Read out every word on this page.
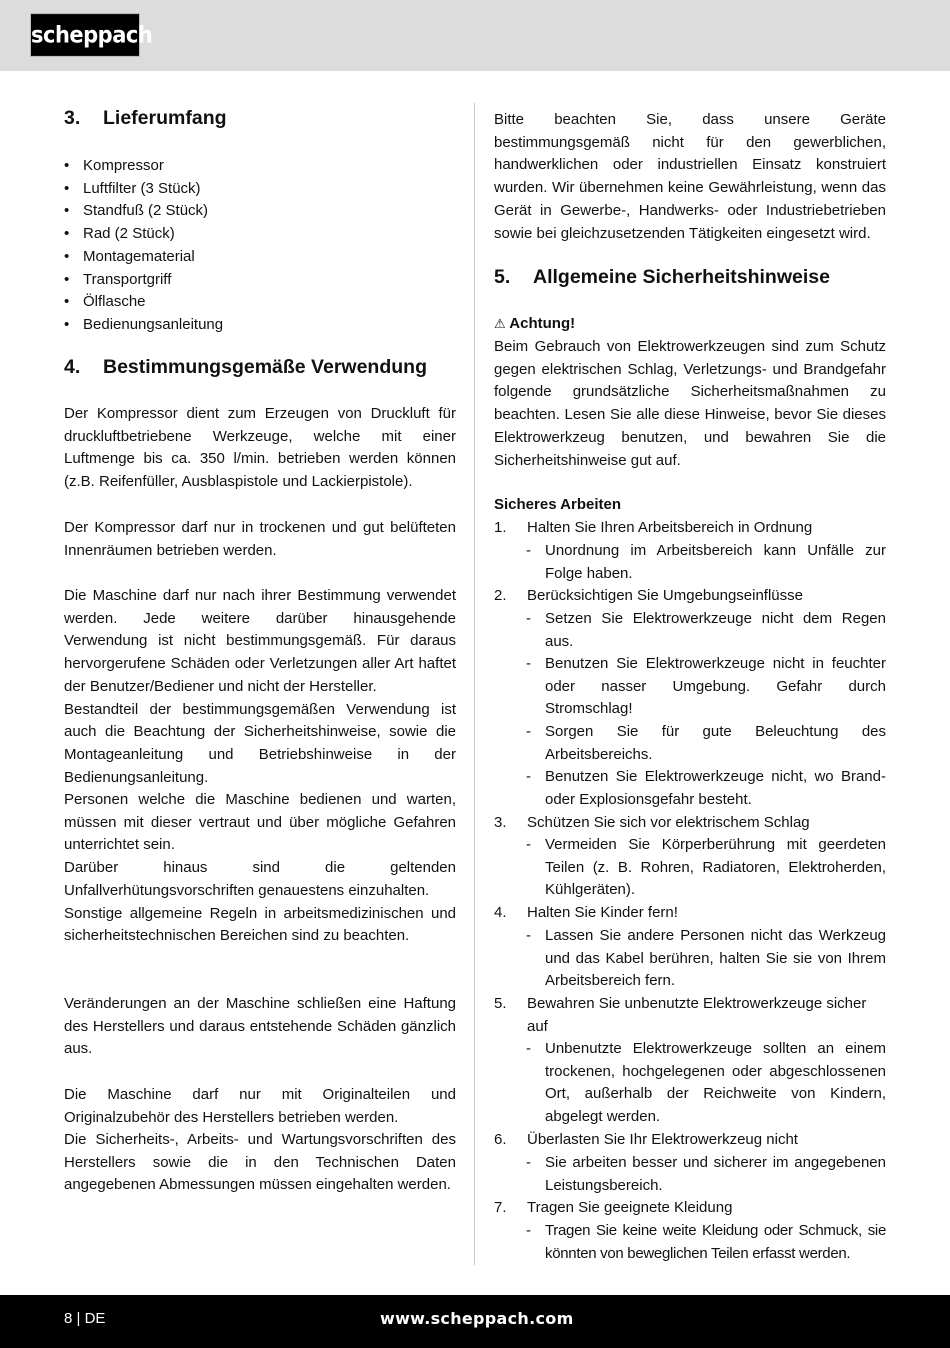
scheppach
3. Lieferumfang
• Kompressor
• Luftfilter (3 Stück)
• Standfuß (2 Stück)
• Rad (2 Stück)
• Montagematerial
• Transportgriff
• Ölflasche
• Bedienungsanleitung
4. Bestimmungsgemäße Verwendung
Der Kompressor dient zum Erzeugen von Druckluft für druckluftbetriebene Werkzeuge, welche mit einer Luftmenge bis ca. 350 l/min. betrieben werden können (z.B. Reifenfüller, Ausblaspistole und Lackierpistole).
Der Kompressor darf nur in trockenen und gut belüfteten Innenräumen betrieben werden.
Die Maschine darf nur nach ihrer Bestimmung verwendet werden. Jede weitere darüber hinausgehende Verwendung ist nicht bestimmungsgemäß. Für daraus hervorgerufene Schäden oder Verletzungen aller Art haftet der Benutzer/Bediener und nicht der Hersteller.
Bestandteil der bestimmungsgemäßen Verwendung ist auch die Beachtung der Sicherheitshinweise, sowie die Montageanleitung und Betriebshinweise in der Bedienungsanleitung.
Personen welche die Maschine bedienen und warten, müssen mit dieser vertraut und über mögliche Gefahren unterrichtet sein.
Darüber hinaus sind die geltenden Unfallverhütungsvorschriften genauestens einzuhalten.
Sonstige allgemeine Regeln in arbeitsmedizinischen und sicherheitstechnischen Bereichen sind zu beachten.
Veränderungen an der Maschine schließen eine Haftung des Herstellers und daraus entstehende Schäden gänzlich aus.
Die Maschine darf nur mit Originalteilen und Originalzubehör des Herstellers betrieben werden.
Die Sicherheits-, Arbeits- und Wartungsvorschriften des Herstellers sowie die in den Technischen Daten angegebenen Abmessungen müssen eingehalten werden.
Bitte beachten Sie, dass unsere Geräte bestimmungsgemäß nicht für den gewerblichen, handwerklichen oder industriellen Einsatz konstruiert wurden. Wir übernehmen keine Gewährleistung, wenn das Gerät in Gewerbe-, Handwerks- oder Industriebetrieben sowie bei gleichzusetzenden Tätigkeiten eingesetzt wird.
5. Allgemeine Sicherheitshinweise
⚠ Achtung!
Beim Gebrauch von Elektrowerkzeugen sind zum Schutz gegen elektrischen Schlag, Verletzungs- und Brandgefahr folgende grundsätzliche Sicherheitsmaßnahmen zu beachten. Lesen Sie alle diese Hinweise, bevor Sie dieses Elektrowerkzeug benutzen, und bewahren Sie die Sicherheitshinweise gut auf.
Sicheres Arbeiten
1. Halten Sie Ihren Arbeitsbereich in Ordnung
- Unordnung im Arbeitsbereich kann Unfälle zur Folge haben.
2. Berücksichtigen Sie Umgebungseinflüsse
- Setzen Sie Elektrowerkzeuge nicht dem Regen aus.
- Benutzen Sie Elektrowerkzeuge nicht in feuchter oder nasser Umgebung. Gefahr durch Stromschlag!
- Sorgen Sie für gute Beleuchtung des Arbeitsbereichs.
- Benutzen Sie Elektrowerkzeuge nicht, wo Brand- oder Explosionsgefahr besteht.
3. Schützen Sie sich vor elektrischem Schlag
- Vermeiden Sie Körperberührung mit geerdeten Teilen (z. B. Rohren, Radiatoren, Elektroherden, Kühlgeräten).
4. Halten Sie Kinder fern!
- Lassen Sie andere Personen nicht das Werkzeug und das Kabel berühren, halten Sie sie von Ihrem Arbeitsbereich fern.
5.	Bewahren Sie unbenutzte Elektrowerkzeuge sicher auf
- Unbenutzte Elektrowerkzeuge sollten an einem trockenen, hochgelegenen oder abgeschlossenen Ort, außerhalb der Reichweite von Kindern, abgelegt werden.
6. Überlasten Sie Ihr Elektrowerkzeug nicht
- Sie arbeiten besser und sicherer im angegebenen Leistungsbereich.
7. Tragen Sie geeignete Kleidung
- Tragen Sie keine weite Kleidung oder Schmuck, sie könnten von beweglichen Teilen erfasst werden.
8 | DE	www.scheppach.com
